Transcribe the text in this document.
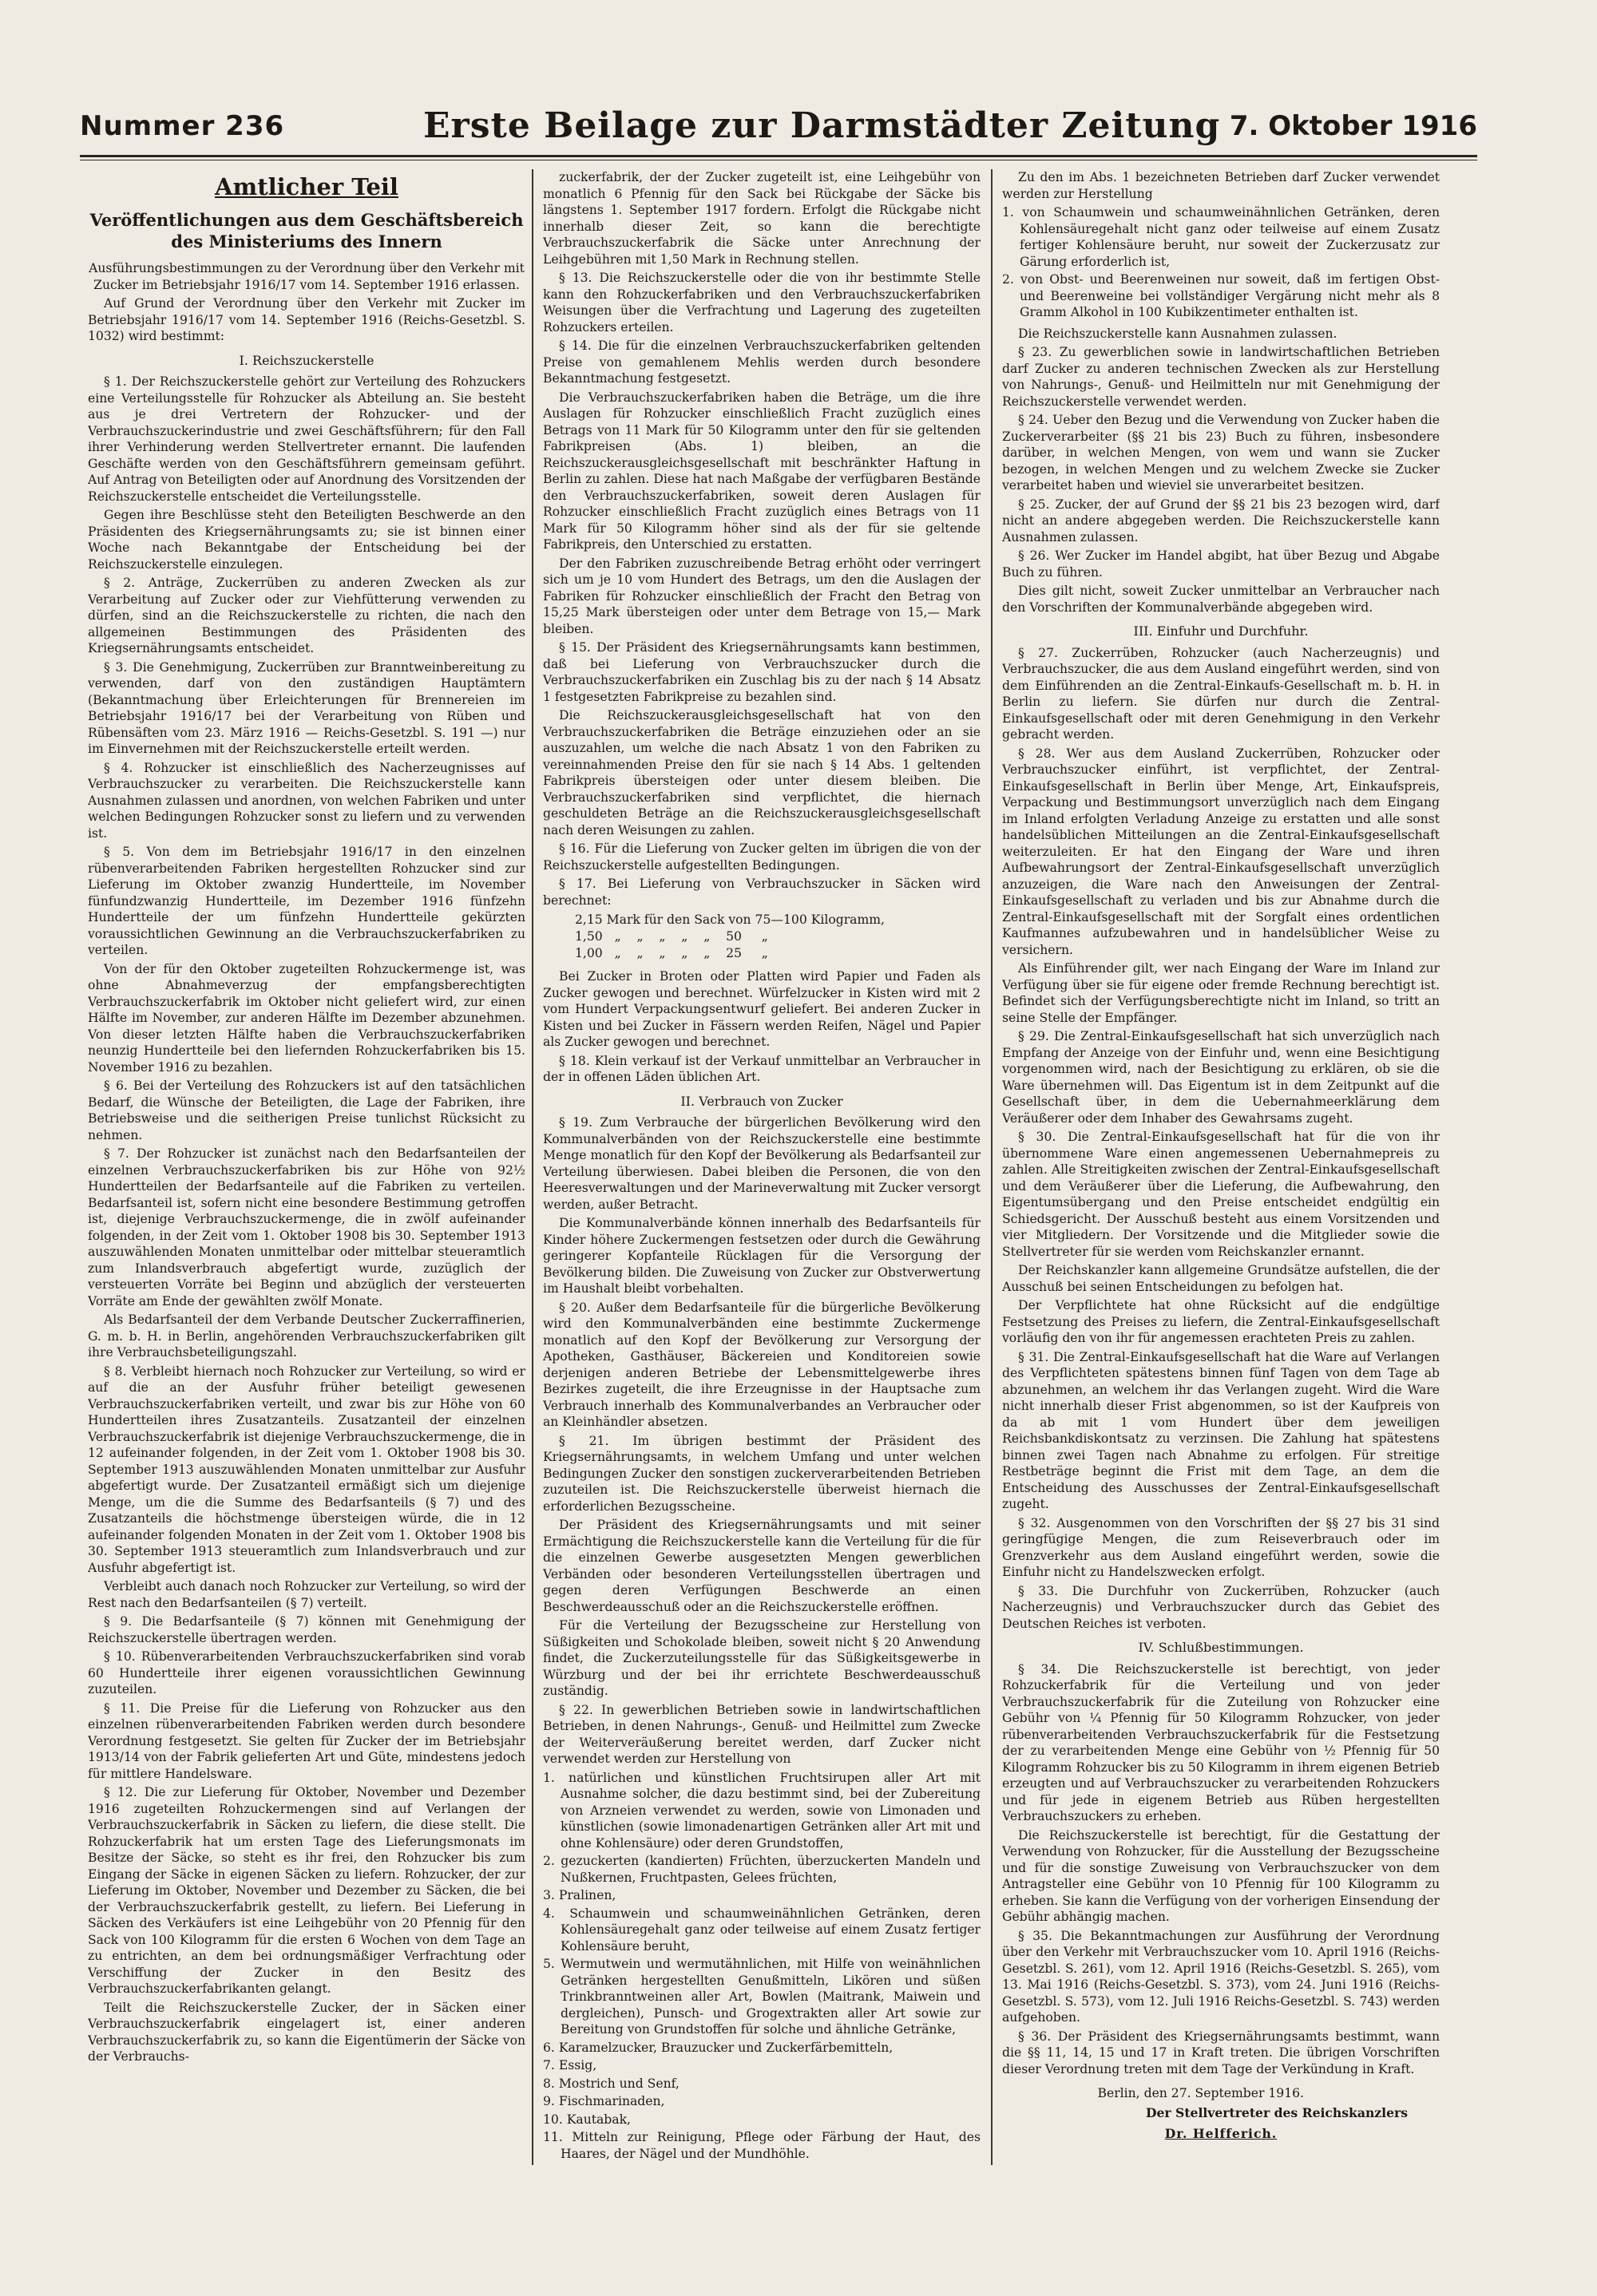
Nummer 236	Erste Beilage zur Darmstädter Zeitung 7. Oktober 1916
Amtlicher Teil
Veröffentlichungen aus dem Geschäftsbereich des Ministeriums des Innern

Ausführungsbestimmungen zu der Verordnung über den Verkehr mit Zucker im Betriebsjahr 1916/17 vom 14. September 1916 erlassen.

Auf Grund der Verordnung über den Verkehr mit Zucker im Betriebsjahr 1916/17 vom 14. September 1916 (Reichs-Gesetzbl. S. 1032) wird bestimmt:

I. Reichszuckerstelle

§ 1. Der Reichszuckerstelle gehört zur Verteilung des Rohzuckers eine Verteilungsstelle für Rohzucker als Abteilung an. Sie besteht aus je drei Vertretern der Rohzucker- und der Verbrauchszuckerindustrie und zwei Geschäftsführern; für den Fall ihrer Verhinderung werden Stellvertreter ernannt. Die laufenden Geschäfte werden von den Geschäftsführern gemeinsam geführt. Auf Antrag von Beteiligten oder auf Anordnung des Vorsitzenden der Reichszuckerstelle entscheidet die Verteilungsstelle.

Gegen ihre Beschlüsse steht den Beteiligten Beschwerde an den Präsidenten des Kriegsernährungsamts zu; sie ist binnen einer Woche nach Bekanntgabe der Entscheidung bei der Reichszuckerstelle einzulegen.

§ 2. Anträge, Zuckerrüben zu anderen Zwecken als zur Verarbeitung auf Zucker oder zur Viehfütterung verwenden zu dürfen, sind an die Reichszuckerstelle zu richten, die nach den allgemeinen Bestimmungen des Präsidenten des Kriegsernährungsamts entscheidet.

§ 3. Die Genehmigung, Zuckerrüben zur Branntweinbereitung zu verwenden, darf von den zuständigen Hauptämtern (Bekanntmachung über Erleichterungen für Brennereien im Betriebsjahr 1916/17 bei der Verarbeitung von Rüben und Rübensäften vom 23. März 1916 — Reichs-Gesetzbl. S. 191 —) nur im Einvernehmen mit der Reichszuckerstelle erteilt werden.

§ 4. Rohzucker ist einschließlich des Nacherzeugnisses auf Verbrauchszucker zu verarbeiten. Die Reichszuckerstelle kann Ausnahmen zulassen und anordnen, von welchen Fabriken und unter welchen Bedingungen Rohzucker sonst zu liefern und zu verwenden ist.

§ 5. Von dem im Betriebsjahr 1916/17 in den einzelnen rübenverarbeitenden Fabriken hergestellten Rohzucker sind zur Lieferung im Oktober zwanzig Hundertteile, im November fünfundzwanzig Hundertteile, im Dezember 1916 fünfzehn Hundertteile der um fünfzehn Hundertteile gekürzten voraussichtlichen Gewinnung an die Verbrauchszuckerfabriken zu verteilen.

Von der für den Oktober zugeteilten Rohzuckermenge ist, was ohne Abnahmeverzug der empfangsberechtigten Verbrauchszuckerfabrik im Oktober nicht geliefert wird, zur einen Hälfte im November, zur anderen Hälfte im Dezember abzunehmen. Von dieser letzten Hälfte haben die Verbrauchszuckerfabriken neunzig Hundertteile bei den liefernden Rohzuckerfabriken bis 15. November 1916 zu bezahlen.

§ 6. Bei der Verteilung des Rohzuckers ist auf den tatsächlichen Bedarf, die Wünsche der Beteiligten, die Lage der Fabriken, ihre Betriebsweise und die seitherigen Preise tunlichst Rücksicht zu nehmen.

§ 7. Der Rohzucker ist zunächst nach den Bedarfsanteilen der einzelnen Verbrauchszuckerfabriken bis zur Höhe von 92½ Hundertteilen der Bedarfsanteile auf die Fabriken zu verteilen. Bedarfsanteil ist, sofern nicht eine besondere Bestimmung getroffen ist, diejenige Verbrauchszuckermenge, die in zwölf aufeinander folgenden, in der Zeit vom 1. Oktober 1908 bis 30. September 1913 auszuwählenden Monaten unmittelbar oder mittelbar steueramtlich zum Inlandsverbrauch abgefertigt wurde, zuzüglich der versteuerten Vorräte bei Beginn und abzüglich der versteuerten Vorräte am Ende der gewählten zwölf Monate.

Als Bedarfsanteil der dem Verbande Deutscher Zuckerraffinerien, G. m. b. H. in Berlin, angehörenden Verbrauchszuckerfabriken gilt ihre Verbrauchsbeteiligungszahl.

§ 8. Verbleibt hiernach noch Rohzucker zur Verteilung, so wird er auf die an der Ausfuhr früher beteiligt gewesenen Verbrauchszuckerfabriken verteilt, und zwar bis zur Höhe von 60 Hundertteilen ihres Zusatzanteils. Zusatzanteil der einzelnen Verbrauchszuckerfabrik ist diejenige Verbrauchszuckermenge, die in 12 aufeinander folgenden, in der Zeit vom 1. Oktober 1908 bis 30. September 1913 auszuwählenden Monaten unmittelbar zur Ausfuhr abgefertigt wurde. Der Zusatzanteil ermäßigt sich um diejenige Menge, um die die Summe des Bedarfsanteils (§ 7) und des Zusatzanteils die höchstmenge übersteigen würde, die in 12 aufeinander folgenden Monaten in der Zeit vom 1. Oktober 1908 bis 30. September 1913 steueramtlich zum Inlandsverbrauch und zur Ausfuhr abgefertigt ist.

Verbleibt auch danach noch Rohzucker zur Verteilung, so wird der Rest nach den Bedarfsanteilen (§ 7) verteilt.

§ 9. Die Bedarfsanteile (§ 7) können mit Genehmigung der Reichszuckerstelle übertragen werden.

§ 10. Rübenverarbeitenden Verbrauchszuckerfabriken sind vorab 60 Hundertteile ihrer eigenen voraussichtlichen Gewinnung zuzuteilen.

§ 11. Die Preise für die Lieferung von Rohzucker aus den einzelnen rübenverarbeitenden Fabriken werden durch besondere Verordnung festgesetzt. Sie gelten für Zucker der im Betriebsjahr 1913/14 von der Fabrik gelieferten Art und Güte, mindestens jedoch für mittlere Handelsware.

§ 12. Die zur Lieferung für Oktober, November und Dezember 1916 zugeteilten Rohzuckermengen sind auf Verlangen der Verbrauchszuckerfabrik in Säcken zu liefern, die diese stellt. Die Rohzuckerfabrik hat um ersten Tage des Lieferungsmonats im Besitze der Säcke, so steht es ihr frei, den Rohzucker bis zum Eingang der Säcke in eigenen Säcken zu liefern. Rohzucker, der zur Lieferung im Oktober, November und Dezember zu Säcken, die bei der Verbrauchszuckerfabrik gestellt, zu liefern. Bei Lieferung in Säcken des Verkäufers ist eine Leihgebühr von 20 Pfennig für den Sack von 100 Kilogramm für die ersten 6 Wochen von dem Tage an zu entrichten, an dem bei ordnungsmäßiger Verfrachtung oder Verschiffung der Zucker in den Besitz des Verbrauchszuckerfabrikanten gelangt.

Teilt die Reichszuckerstelle Zucker, der in Säcken einer Verbrauchszuckerfabrik eingelagert ist, einer anderen Verbrauchszuckerfabrik zu, so kann die Eigentümerin der Säcke von der Verbrauchs-

zuckerfabrik, der der Zucker zugeteilt ist, eine Leihgebühr von monatlich 6 Pfennig für den Sack bei Rückgabe der Säcke bis längstens 1. September 1917 fordern. Erfolgt die Rückgabe nicht innerhalb dieser Zeit, so kann die berechtigte Verbrauchszuckerfabrik die Säcke unter Anrechnung der Leihgebühren mit 1,50 Mark in Rechnung stellen.

§ 13. Die Reichszuckerstelle oder die von ihr bestimmte Stelle kann den Rohzuckerfabriken und den Verbrauchszuckerfabriken Weisungen über die Verfrachtung und Lagerung des zugeteilten Rohzuckers erteilen.

§ 14. Die für die einzelnen Verbrauchszuckerfabriken geltenden Preise von gemahlenem Mehlis werden durch besondere Bekanntmachung festgesetzt.

Die Verbrauchszuckerfabriken haben die Beträge, um die ihre Auslagen für Rohzucker einschließlich Fracht zuzüglich eines Betrags von 11 Mark für 50 Kilogramm unter den für sie geltenden Fabrikpreisen (Abs. 1) bleiben, an die Reichszuckerausgleichsgesellschaft mit beschränkter Haftung in Berlin zu zahlen. Diese hat nach Maßgabe der verfügbaren Bestände den Verbrauchszuckerfabriken, soweit deren Auslagen für Rohzucker einschließlich Fracht zuzüglich eines Betrags von 11 Mark für 50 Kilogramm höher sind als der für sie geltende Fabrikpreis, den Unterschied zu erstatten.

Der den Fabriken zuzuschreibende Betrag erhöht oder verringert sich um je 10 vom Hundert des Betrags, um den die Auslagen der Fabriken für Rohzucker einschließlich der Fracht den Betrag von 15,25 Mark übersteigen oder unter dem Betrage von 15,— Mark bleiben.

§ 15. Der Präsident des Kriegsernährungsamts kann bestimmen, daß bei Lieferung von Verbrauchszucker durch die Verbrauchszuckerfabriken ein Zuschlag bis zu der nach § 14 Absatz 1 festgesetzten Fabrikpreise zu bezahlen sind.

Die Reichszuckerausgleichsgesellschaft hat von den Verbrauchszuckerfabriken die Beträge einzuziehen oder an sie auszuzahlen, um welche die nach Absatz 1 von den Fabriken zu vereinnahmenden Preise den für sie nach § 14 Abs. 1 geltenden Fabrikpreis übersteigen oder unter diesem bleiben. Die Verbrauchszuckerfabriken sind verpflichtet, die hiernach geschuldeten Beträge an die Reichszuckerausgleichsgesellschaft nach deren Weisungen zu zahlen.

§ 16. Für die Lieferung von Zucker gelten im übrigen die von der Reichszuckerstelle aufgestellten Bedingungen.

§ 17. Bei Lieferung von Verbrauchszucker in Säcken wird berechnet:

2,15 Mark für den Sack von 75—100 Kilogramm,
1,50   „    „    „    „    „    50     „
1,00   „    „    „    „    „    25     „

Bei Zucker in Broten oder Platten wird Papier und Faden als Zucker gewogen und berechnet. Würfelzucker in Kisten wird mit 2 vom Hundert Verpackungsentwurf geliefert. Bei anderen Zucker in Kisten und bei Zucker in Fässern werden Reifen, Nägel und Papier als Zucker gewogen und berechnet.

§ 18. Klein verkauf ist der Verkauf unmittelbar an Verbraucher in der in offenen Läden üblichen Art.

II. Verbrauch von Zucker

§ 19. Zum Verbrauche der bürgerlichen Bevölkerung wird den Kommunalverbänden von der Reichszuckerstelle eine bestimmte Menge monatlich für den Kopf der Bevölkerung als Bedarfsanteil zur Verteilung überwiesen. Dabei bleiben die Personen, die von den Heeresverwaltungen und der Marineverwaltung mit Zucker versorgt werden, außer Betracht.

Die Kommunalverbände können innerhalb des Bedarfsanteils für Kinder höhere Zuckermengen festsetzen oder durch die Gewährung geringerer Kopfanteile Rücklagen für die Versorgung der Bevölkerung bilden. Die Zuweisung von Zucker zur Obstverwertung im Haushalt bleibt vorbehalten.

§ 20. Außer dem Bedarfsanteile für die bürgerliche Bevölkerung wird den Kommunalverbänden eine bestimmte Zuckermenge monatlich auf den Kopf der Bevölkerung zur Versorgung der Apotheken, Gasthäuser, Bäckereien und Konditoreien sowie derjenigen anderen Betriebe der Lebensmittelgewerbe ihres Bezirkes zugeteilt, die ihre Erzeugnisse in der Hauptsache zum Verbrauch innerhalb des Kommunalverbandes an Verbraucher oder an Kleinhändler absetzen.

§ 21. Im übrigen bestimmt der Präsident des Kriegsernährungsamts, in welchem Umfang und unter welchen Bedingungen Zucker den sonstigen zuckerverarbeitenden Betrieben zuzuteilen ist. Die Reichszuckerstelle überweist hiernach die erforderlichen Bezugsscheine.

Der Präsident des Kriegsernährungsamts und mit seiner Ermächtigung die Reichszuckerstelle kann die Verteilung für die für die einzelnen Gewerbe ausgesetzten Mengen gewerblichen Verbänden oder besonderen Verteilungsstellen übertragen und gegen deren Verfügungen Beschwerde an einen Beschwerdeausschuß oder an die Reichszuckerstelle eröffnen.

Für die Verteilung der Bezugsscheine zur Herstellung von Süßigkeiten und Schokolade bleiben, soweit nicht § 20 Anwendung findet, die Zuckerzuteilungsstelle für das Süßigkeitsgewerbe in Würzburg und der bei ihr errichtete Beschwerdeausschuß zuständig.

§ 22. In gewerblichen Betrieben sowie in landwirtschaftlichen Betrieben, in denen Nahrungs-, Genuß- und Heilmittel zum Zwecke der Weiterveräußerung bereitet werden, darf Zucker nicht verwendet werden zur Herstellung von

1. natürlichen und künstlichen Fruchtsirupen aller Art mit Ausnahme solcher, die dazu bestimmt sind, bei der Zubereitung von Arzneien verwendet zu werden, sowie von Limonaden und künstlichen (sowie limonadenartigen Getränken aller Art mit und ohne Kohlensäure) oder deren Grundstoffen,
2. gezuckerten (kandierten) Früchten, überzuckerten Mandeln und Nußkernen, Fruchtpasten, Gelees früchten,
3. Pralinen,
4. Schaumwein und schaumweinähnlichen Getränken, deren Kohlensäuregehalt ganz oder teilweise auf einem Zusatz fertiger Kohlensäure beruht,
5. Wermutwein und wermutähnlichen, mit Hilfe von weinähnlichen Getränken hergestellten Genußmitteln, Likören und süßen Trinkbranntweinen aller Art, Bowlen (Maitrank, Maiwein und dergleichen), Punsch- und Grogextrakten aller Art sowie zur Bereitung von Grundstoffen für solche und ähnliche Getränke,
6. Karamelzucker, Brauzucker und Zuckerfärbemitteln,
7. Essig,
8. Mostrich und Senf,
9. Fischmarinaden,
10. Kautabak,
11. Mitteln zur Reinigung, Pflege oder Färbung der Haut, des Haares, der Nägel und der Mundhöhle.

Zu den im Abs. 1 bezeichneten Betrieben darf Zucker verwendet werden zur Herstellung

1. von Schaumwein und schaumweinähnlichen Getränken, deren Kohlensäuregehalt nicht ganz oder teilweise auf einem Zusatz fertiger Kohlensäure beruht, nur soweit der Zuckerzusatz zur Gärung erforderlich ist,
2. von Obst- und Beerenweinen nur soweit, daß im fertigen Obst- und Beerenweine bei vollständiger Vergärung nicht mehr als 8 Gramm Alkohol in 100 Kubikzentimeter enthalten ist.

Die Reichszuckerstelle kann Ausnahmen zulassen.

§ 23. Zu gewerblichen sowie in landwirtschaftlichen Betrieben darf Zucker zu anderen technischen Zwecken als zur Herstellung von Nahrungs-, Genuß- und Heilmitteln nur mit Genehmigung der Reichszuckerstelle verwendet werden.

§ 24. Ueber den Bezug und die Verwendung von Zucker haben die Zuckerverarbeiter (§§ 21 bis 23) Buch zu führen, insbesondere darüber, in welchen Mengen, von wem und wann sie Zucker bezogen, in welchen Mengen und zu welchem Zwecke sie Zucker verarbeitet haben und wieviel sie unverarbeitet besitzen.

§ 25. Zucker, der auf Grund der §§ 21 bis 23 bezogen wird, darf nicht an andere abgegeben werden. Die Reichszuckerstelle kann Ausnahmen zulassen.

§ 26. Wer Zucker im Handel abgibt, hat über Bezug und Abgabe Buch zu führen.

Dies gilt nicht, soweit Zucker unmittelbar an Verbraucher nach den Vorschriften der Kommunalverbände abgegeben wird.

III. Einfuhr und Durchfuhr.

§ 27. Zuckerrüben, Rohzucker (auch Nacherzeugnis) und Verbrauchszucker, die aus dem Ausland eingeführt werden, sind von dem Einführenden an die Zentral-Einkaufs-Gesellschaft m. b. H. in Berlin zu liefern. Sie dürfen nur durch die Zentral-Einkaufsgesellschaft oder mit deren Genehmigung in den Verkehr gebracht werden.

§ 28. Wer aus dem Ausland Zuckerrüben, Rohzucker oder Verbrauchszucker einführt, ist verpflichtet, der Zentral-Einkaufsgesellschaft in Berlin über Menge, Art, Einkaufspreis, Verpackung und Bestimmungsort unverzüglich nach dem Eingang im Inland erfolgten Verladung Anzeige zu erstatten und alle sonst handelsüblichen Mitteilungen an die Zentral-Einkaufsgesellschaft weiterzuleiten. Er hat den Eingang der Ware und ihren Aufbewahrungsort der Zentral-Einkaufsgesellschaft unverzüglich anzuzeigen, die Ware nach den Anweisungen der Zentral-Einkaufsgesellschaft zu verladen und bis zur Abnahme durch die Zentral-Einkaufsgesellschaft mit der Sorgfalt eines ordentlichen Kaufmannes aufzubewahren und in handelsüblicher Weise zu versichern.

Als Einführender gilt, wer nach Eingang der Ware im Inland zur Verfügung über sie für eigene oder fremde Rechnung berechtigt ist. Befindet sich der Verfügungsberechtigte nicht im Inland, so tritt an seine Stelle der Empfänger.

§ 29. Die Zentral-Einkaufsgesellschaft hat sich unverzüglich nach Empfang der Anzeige von der Einfuhr und, wenn eine Besichtigung vorgenommen wird, nach der Besichtigung zu erklären, ob sie die Ware übernehmen will. Das Eigentum ist in dem Zeitpunkt auf die Gesellschaft über, in dem die Uebernahmeerklärung dem Veräußerer oder dem Inhaber des Gewahrsams zugeht.

§ 30. Die Zentral-Einkaufsgesellschaft hat für die von ihr übernommene Ware einen angemessenen Uebernahmepreis zu zahlen. Alle Streitigkeiten zwischen der Zentral-Einkaufsgesellschaft und dem Veräußerer über die Lieferung, die Aufbewahrung, den Eigentumsübergang und den Preise entscheidet endgültig ein Schiedsgericht. Der Ausschuß besteht aus einem Vorsitzenden und vier Mitgliedern. Der Vorsitzende und die Mitglieder sowie die Stellvertreter für sie werden vom Reichskanzler ernannt.

Der Reichskanzler kann allgemeine Grundsätze aufstellen, die der Ausschuß bei seinen Entscheidungen zu befolgen hat.

Der Verpflichtete hat ohne Rücksicht auf die endgültige Festsetzung des Preises zu liefern, die Zentral-Einkaufsgesellschaft vorläufig den von ihr für angemessen erachteten Preis zu zahlen.

§ 31. Die Zentral-Einkaufsgesellschaft hat die Ware auf Verlangen des Verpflichteten spätestens binnen fünf Tagen von dem Tage ab abzunehmen, an welchem ihr das Verlangen zugeht. Wird die Ware nicht innerhalb dieser Frist abgenommen, so ist der Kaufpreis von da ab mit 1 vom Hundert über dem jeweiligen Reichsbankdiskontsatz zu verzinsen. Die Zahlung hat spätestens binnen zwei Tagen nach Abnahme zu erfolgen. Für streitige Restbeträge beginnt die Frist mit dem Tage, an dem die Entscheidung des Ausschusses der Zentral-Einkaufsgesellschaft zugeht.

§ 32. Ausgenommen von den Vorschriften der §§ 27 bis 31 sind geringfügige Mengen, die zum Reiseverbrauch oder im Grenzverkehr aus dem Ausland eingeführt werden, sowie die Einfuhr nicht zu Handelszwecken erfolgt.

§ 33. Die Durchfuhr von Zuckerrüben, Rohzucker (auch Nacherzeugnis) und Verbrauchszucker durch das Gebiet des Deutschen Reiches ist verboten.

IV. Schlußbestimmungen.

§ 34. Die Reichszuckerstelle ist berechtigt, von jeder Rohzuckerfabrik für die Verteilung und von jeder Verbrauchszuckerfabrik für die Zuteilung von Rohzucker eine Gebühr von ¼ Pfennig für 50 Kilogramm Rohzucker, von jeder rübenverarbeitenden Verbrauchszuckerfabrik für die Festsetzung der zu verarbeitenden Menge eine Gebühr von ½ Pfennig für 50 Kilogramm Rohzucker bis zu 50 Kilogramm in ihrem eigenen Betrieb erzeugten und auf Verbrauchszucker zu verarbeitenden Rohzuckers und für jede in eigenem Betrieb aus Rüben hergestellten Verbrauchszuckers zu erheben.

Die Reichszuckerstelle ist berechtigt, für die Gestattung der Verwendung von Rohzucker, für die Ausstellung der Bezugsscheine und für die sonstige Zuweisung von Verbrauchszucker von dem Antragsteller eine Gebühr von 10 Pfennig für 100 Kilogramm zu erheben. Sie kann die Verfügung von der vorherigen Einsendung der Gebühr abhängig machen.

§ 35. Die Bekanntmachungen zur Ausführung der Verordnung über den Verkehr mit Verbrauchszucker vom 10. April 1916 (Reichs-Gesetzbl. S. 261), vom 12. April 1916 (Reichs-Gesetzbl. S. 265), vom 13. Mai 1916 (Reichs-Gesetzbl. S. 373), vom 24. Juni 1916 (Reichs-Gesetzbl. S. 573), vom 12. Juli 1916 Reichs-Gesetzbl. S. 743) werden aufgehoben.

§ 36. Der Präsident des Kriegsernährungsamts bestimmt, wann die §§ 11, 14, 15 und 17 in Kraft treten. Die übrigen Vorschriften dieser Verordnung treten mit dem Tage der Verkündung in Kraft.

Berlin, den 27. September 1916.
Der Stellvertreter des Reichskanzlers
Dr. Helfferich.
